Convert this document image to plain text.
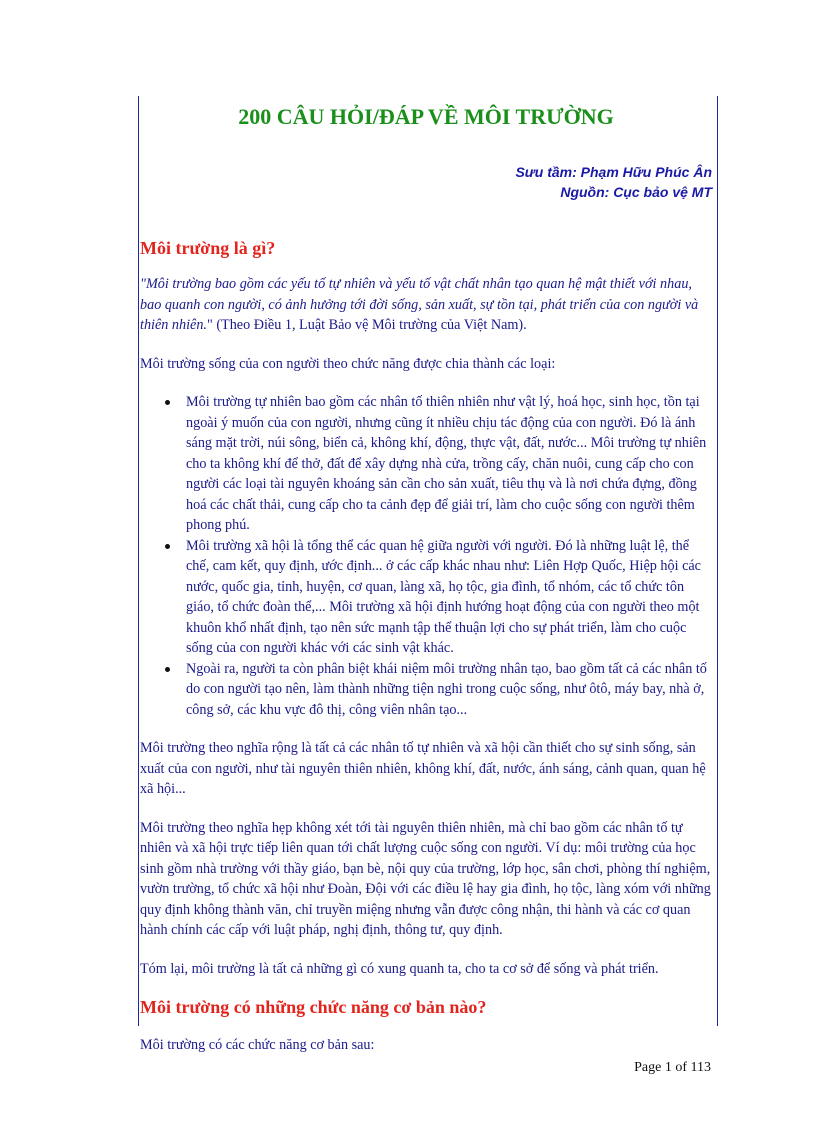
200 CÂU HỎI/ĐÁP VỀ MÔI TRƯỜNG
Sưu tầm: Phạm Hữu Phúc Ân
Nguồn: Cục bảo vệ MT
Môi trường là gì?

"Môi trường bao gồm các yếu tố tự nhiên và yếu tố vật chất nhân tạo quan hệ mật thiết với nhau, bao quanh con người, có ảnh hưởng tới đời sống, sản xuất, sự tồn tại, phát triển của con người và thiên nhiên." (Theo Điều 1, Luật Bảo vệ Môi trường của Việt Nam).

Môi trường sống của con người theo chức năng được chia thành các loại:

Môi trường tự nhiên bao gồm các nhân tố thiên nhiên như vật lý, hoá học, sinh học, tồn tại ngoài ý muốn của con người, nhưng cũng ít nhiều chịu tác động của con người. Đó là ánh sáng mặt trời, núi sông, biển cả, không khí, động, thực vật, đất, nước... Môi trường tự nhiên cho ta không khí để thở, đất để xây dựng nhà cửa, trồng cấy, chăn nuôi, cung cấp cho con người các loại tài nguyên khoáng sản cần cho sản xuất, tiêu thụ và là nơi chứa đựng, đồng hoá các chất thải, cung cấp cho ta cảnh đẹp để giải trí, làm cho cuộc sống con người thêm phong phú.
Môi trường xã hội là tổng thể các quan hệ giữa người với người. Đó là những luật lệ, thể chế, cam kết, quy định, ước định... ở các cấp khác nhau như: Liên Hợp Quốc, Hiệp hội các nước, quốc gia, tỉnh, huyện, cơ quan, làng xã, họ tộc, gia đình, tổ nhóm, các tổ chức tôn giáo, tổ chức đoàn thể,... Môi trường xã hội định hướng hoạt động của con người theo một khuôn khổ nhất định, tạo nên sức mạnh tập thể thuận lợi cho sự phát triển, làm cho cuộc sống của con người khác với các sinh vật khác.
Ngoài ra, người ta còn phân biệt khái niệm môi trường nhân tạo, bao gồm tất cả các nhân tố do con người tạo nên, làm thành những tiện nghi trong cuộc sống, như ôtô, máy bay, nhà ở, công sở, các khu vực đô thị, công viên nhân tạo...

Môi trường theo nghĩa rộng là tất cả các nhân tố tự nhiên và xã hội cần thiết cho sự sinh sống, sản xuất của con người, như tài nguyên thiên nhiên, không khí, đất, nước, ánh sáng, cảnh quan, quan hệ xã hội...

Môi trường theo nghĩa hẹp không xét tới tài nguyên thiên nhiên, mà chỉ bao gồm các nhân tố tự nhiên và xã hội trực tiếp liên quan tới chất lượng cuộc sống con người. Ví dụ: môi trường của học sinh gồm nhà trường với thầy giáo, bạn bè, nội quy của trường, lớp học, sân chơi, phòng thí nghiệm, vườn trường, tổ chức xã hội như Đoàn, Đội với các điều lệ hay gia đình, họ tộc, làng xóm với những quy định không thành văn, chỉ truyền miệng nhưng vẫn được công nhận, thi hành và các cơ quan hành chính các cấp với luật pháp, nghị định, thông tư, quy định.

Tóm lại, môi trường là tất cả những gì có xung quanh ta, cho ta cơ sở để sống và phát triển.

Môi trường có những chức năng cơ bản nào?

Môi trường có các chức năng cơ bản sau:

Page 1 of 113
